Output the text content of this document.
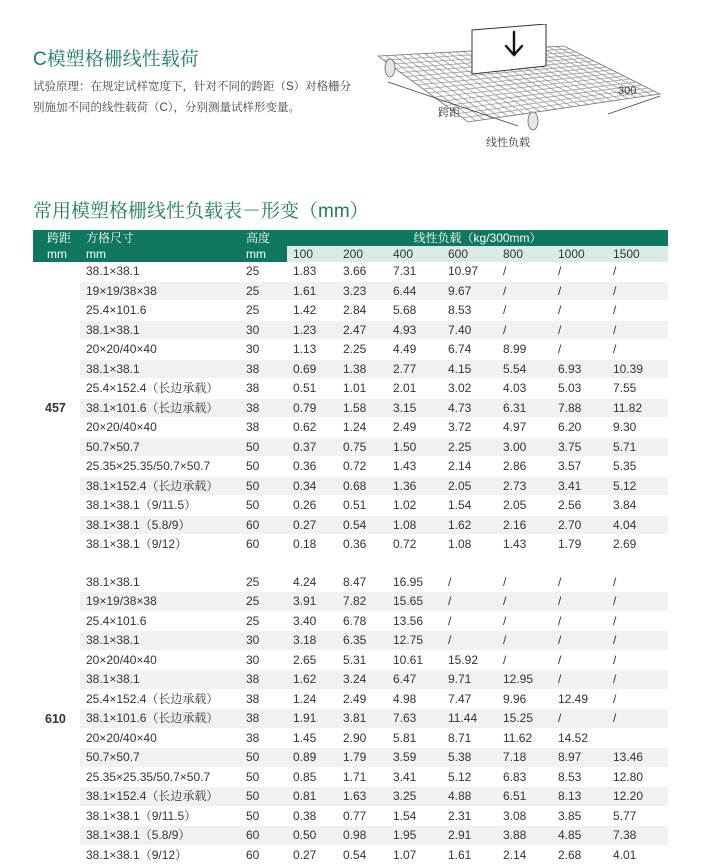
C模塑格栅线性载荷

试验原理：在规定试样宽度下，针对不同的跨距（S）对格栅分别施加不同的线性载荷（C），分别测量试样形变量。	跨距
300
线性负载
常用模塑格栅线性负载表－形变（mm）
跨距	方格尺寸	高度	线性负载（kg/300mm）						
mm	mm	mm	100	200	400	600	800	1000	1500
457	38.1×38.1	25	1.83	3.66	7.31	10.97	/	/	/
	19×19/38×38	25	1.61	3.23	6.44	9.67	/	/	/
	25.4×101.6	25	1.42	2.84	5.68	8.53	/	/	/
	38.1×38.1	30	1.23	2.47	4.93	7.40	/	/	/
	20×20/40×40	30	1.13	2.25	4.49	6.74	8.99	/	/
	38.1×38.1	38	0.69	1.38	2.77	4.15	5.54	6.93	10.39
	25.4×152.4（长边承载）	38	0.51	1.01	2.01	3.02	4.03	5.03	7.55
	38.1×101.6（长边承载）	38	0.79	1.58	3.15	4.73	6.31	7.88	11.82
	20×20/40×40	38	0.62	1.24	2.49	3.72	4.97	6.20	9.30
	50.7×50.7	50	0.37	0.75	1.50	2.25	3.00	3.75	5.71
	25.35×25.35/50.7×50.7	50	0.36	0.72	1.43	2.14	2.86	3.57	5.35
	38.1×152.4（长边承载）	50	0.34	0.68	1.36	2.05	2.73	3.41	5.12
	38.1×38.1（9/11.5）	50	0.26	0.51	1.02	1.54	2.05	2.56	3.84
	38.1×38.1（5.8/9）	60	0.27	0.54	1.08	1.62	2.16	2.70	4.04
	38.1×38.1（9/12）	60	0.18	0.36	0.72	1.08	1.43	1.79	2.69

610	38.1×38.1	25	4.24	8.47	16.95	/	/	/	/
	19×19/38×38	25	3.91	7.82	15.65	/	/	/	/
	25.4×101.6	25	3.40	6.78	13.56	/	/	/	/
	38.1×38.1	30	3.18	6.35	12.75	/	/	/	/
	20×20/40×40	30	2.65	5.31	10.61	15.92	/	/	/
	38.1×38.1	38	1.62	3.24	6.47	9.71	12.95	/	/
	25.4×152.4（长边承载）	38	1.24	2.49	4.98	7.47	9.96	12.49	/
	38.1×101.6（长边承载）	38	1.91	3.81	7.63	11.44	15.25	/	/
	20×20/40×40	38	1.45	2.90	5.81	8.71	11.62	14.52	
	50.7×50.7	50	0.89	1.79	3.59	5.38	7.18	8.97	13.46
	25.35×25.35/50.7×50.7	50	0.85	1.71	3.41	5.12	6.83	8.53	12.80
	38.1×152.4（长边承载）	50	0.81	1.63	3.25	4.88	6.51	8.13	12.20
	38.1×38.1（9/11.5）	50	0.38	0.77	1.54	2.31	3.08	3.85	5.77
	38.1×38.1（5.8/9）	60	0.50	0.98	1.95	2.91	3.88	4.85	7.38
	38.1×38.1（9/12）	60	0.27	0.54	1.07	1.61	2.14	2.68	4.01
